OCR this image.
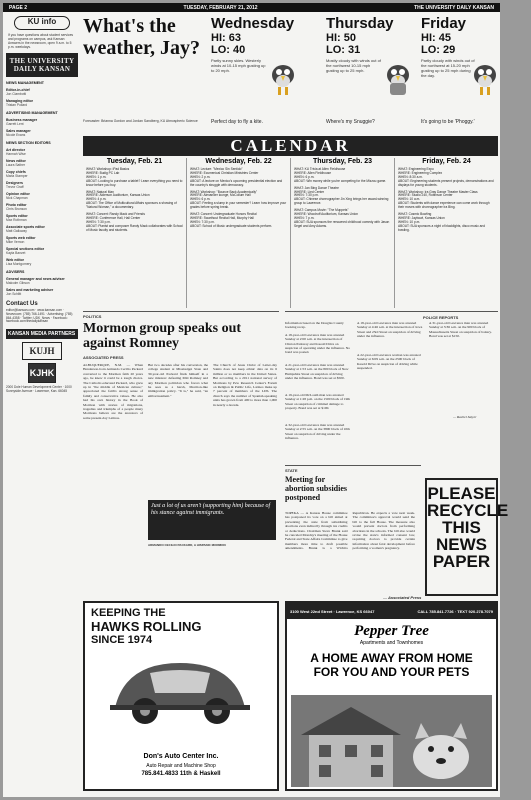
PAGE 2	TUESDAY, FEBRUARY 21, 2012	THE UNIVERSITY DAILY KANSAN
KU info
If you have questions about student services and programs on campus, ask Kansan Answers in the newsroom, open 9 a.m. to 5 p.m. weekdays.
THE UNIVERSITY
DAILY KANSAN
NEWS MANAGEMENT
Editor-in-chief
Jon Ciambotti
Managing editor
Tristan Pollard
ADVERTISING MANAGEMENT
Business manager
Garrett Lent
Sales manager
Nicole Evans
NEWS SECTION EDITORS
Art director
Hannah Wise
News editor
Laura Sather
Copy chiefs
Marla Stamper
Designers
Trevor Graff
Opinion editor
Nick Chapman
Photo editor
Chris Bronson
Sports editor
Max Rothman
Associate sports editor
Matt Galloway
Sports web editor
Mike Vernon
Special sections editor
Kayla Banzet
Web editor
Lisa Montgomery
ADVISERS
General manager and news adviser
Malcolm Gibson
Sales and marketing adviser
Jon Schlitt
Contact Us
editor@kansan.com · www.kansan.com · Newsroom: (785) 766-1491 · Advertising: (785) 864-4358 · Twitter: UDK_News · Facebook: facebook.com/thedailykansan
KANSAN MEDIA PARTNERS
KUJH
KJHK
2000 Dole Human Development Center · 1000 Sunnyside Avenue · Lawrence, Kan. 66045
What's the weather, Jay?
Forecaster: Brianna Gordon and Jordan Sandberg, KU Atmospheric Science
Wednesday
HI: 63
LO: 40
Partly sunny skies. Westerly winds at 10-15 mph gusting up to 20 mph.
Perfect day to fly a kite.
Thursday
HI: 50
LO: 31
Mostly cloudy with winds out of the northwest 10-15 mph gusting up to 25 mph.
Where's my Snuggie?
Friday
HI: 45
LO: 29
Partly cloudy with winds out of the northwest at 15-20 mph gusting up to 25 mph during the day.
It's going to be 'Phoggy.'
CALENDAR
Tuesday, Feb. 21
WHAT: Workshop: iPad Basics
WHERE: Budig PC Lab
WHEN: 1 p.m.
ABOUT: Looking to purchase a tablet? Learn everything you need to know before you buy.
WHAT: Natural Man
WHERE: Alderson Auditorium, Kansas Union
WHEN: 4 p.m.
ABOUT: The Office of Multicultural Affairs sponsors a showing of "Natural Woman," a documentary.
WHAT: Concert: Randy Mack and Friends
WHERE: Conference Hall, Hall Center
WHEN: 7:30 p.m.
ABOUT: Pianist and composer Randy Mack collaborates with School of Music faculty and students.
Wednesday, Feb. 22
WHAT: Lecture: "Mexico Sin Sentido"
WHERE: Ecumenical Christian Ministries Center
WHEN: 2 p.m.
ABOUT: A lecture on Mexico's upcoming presidential election and the country's struggle with democracy.
WHAT: Workshop: "Bounce Back Academically"
WHERE: Alexander lounge, McCollum Hall
WHEN: 6 p.m.
ABOUT: Feeling a slump in your semester? Learn how improve your grades before spring break.
WHAT: Concert: Undergraduate Honors Recital
WHERE: Swarthout Recital Hall, Murphy Hall
WHEN: 7:30 p.m.
ABOUT: School of Music undergraduate students perform.
Thursday, Feb. 23
WHAT: KU Trivia at Allen Fieldhouse
WHERE: Allen Fieldhouse
WHEN: 6 p.m.
ABOUT: Win money while you're competing for the Mizzou game.
WHAT: Jan Bing Dance Theatre
WHERE: Lied Center
WHEN: 7:30 p.m.
ABOUT: Chinese choreographer Jin Xing brings her award-winning group to Lawrence.
WHAT: Campus Movie: "The Muppets"
WHERE: Woodruff Auditorium, Kansas Union
WHEN: 7 p.m.
ABOUT: SUA sponsors the renowned childhood comedy with Jason Segel and Amy Adams.
Friday, Feb. 24
WHAT: Engineering Expo
WHERE: Engineering Complex
WHEN: 8:30 a.m.
ABOUT: Engineering students present projects, demonstrations and displays for young students.
WHAT: Workshop: Ira Gray Dance Theatre Master Class
WHERE: Studio 240, Robinson Center
WHEN: 10 a.m.
ABOUT: Students with dance experience can come work through their moves with choreographer Ira Bing.
WHAT: Cosmic Bowling
WHERE: Jaybowl, Kansas Union
WHEN: 10 p.m.
ABOUT: SUA sponsors a night of blacklights, disco music and bowling.
POLITICS
Mormon group speaks out against Romney
ASSOCIATED PRESS
ALBUQUERQUE, N.M. — When Henderson-born Armando Cecilio Packard converted to the Mormon faith 20 years ago, he knew it could be a tough choice. The Catholic-educated Packard, who grew up in "the middle of Mexican culture," appreciated the faith's strong sense of family and conservative values. He also had his own history in the Book of Mormon with stories of migrations, tragedies and triumphs of a people many Mormons believe are the ancestors of some present-day Latinos.
But two decades after his conversion, the college student at Mississippi State and 30-year-old Packard finds himself in a new mission: defeating Mitt Romney and any Mormon politician who favors what he sees as a harsh, Mormon-like immigration policy. "It is," he said, "an embarrassment."
Just a lot of us aren't (supporting him) because of his stance against immigrants.
ARMANDO CECILIO PACKARD, A HISPANIC MORMON
The Church of Jesus Christ of Latter-day Saints does not keep ethnic data on its 6 million or so members in the United States. But according to a 2011 national survey of Mormons by Pew Research Center's Forum on Religion & Public Life, Latinos make up 7 percent of members of the LDS. The church says the number of Spanish-speaking units has grown from 400 to more than 1,000 in nearly a decade.
POLICE REPORTS
Information based on the Douglas County booking recap.
A 18-year-old Lawrence man was arrested Sunday at 2:00 a.m. at the intersection of Clinton Parkway and Kasold Drive on suspicion of operating under the influence. No bond was posted.
A 21-year-old Lawrence man was arrested Sunday at 1:53 a.m. on the 800 block of New Hampshire Street on suspicion of driving under the influence. Bond was set at $500.
A 19-year-old McLouth man was arrested Sunday at 1:28 p.m. on the 1500 block of 19th Street on suspicion of criminal damage to property. Bond was set at $100.
A 32-year-old Lawrence man was arrested Sunday at 2:55 a.m. on the 3800 block of 10th Street on suspicion of driving under the influence.
A 18-year-old Lawrence man was arrested Sunday at 4:46 a.m. at the intersection of Iowa Street and 23rd Street on suspicion of driving under the influence.
A 22-year-old Lawrence woman was arrested Sunday at 6:09 a.m. on the 2500 block of Kasold Drive on suspicion of driving while suspended.
A 31-year-old Lawrence man was arrested Sunday at 3:36 a.m. on the 900 block of Massachusetts Street on suspicion of battery. Bond was set at $150.
— Rachel Salyer
STATE
Meeting for abortion subsidies postponed
TOPEKA — A Kansas House committee has postponed its vote on a bill aimed at preventing the state from subsidizing abortions even indirectly through tax credits or deductions. Chairman Steve Brunk said he canceled Monday's meeting of the House Federal and State Affairs Committee to give members more time to draft possible amendments. Brunk is a Wichita Republican. He expects a vote next week. The committee's approval would send the bill to the full House. The measure also would prevent doctors from performing abortions in the schools. The bill also would revise the state's informed consent law, requiring doctors to provide certain information about fetal development before performing a woman's pregnancy.
— Associated Press
PLEASE
RECYCLE
THIS
NEWS
PAPER
KEEPING THE
HAWKS ROLLING
SINCE 1974
Don's Auto Center Inc.
Auto Repair and Machine Shop
785.841.4833 11th & Haskell
3100 West 22nd Street · Lawrence, KS 66047	CALL 785.841.7726 · TEXT 920.278.7079
Pepper Tree
Apartments and Townhomes
A HOME AWAY FROM HOME
FOR YOU AND YOUR PETS
